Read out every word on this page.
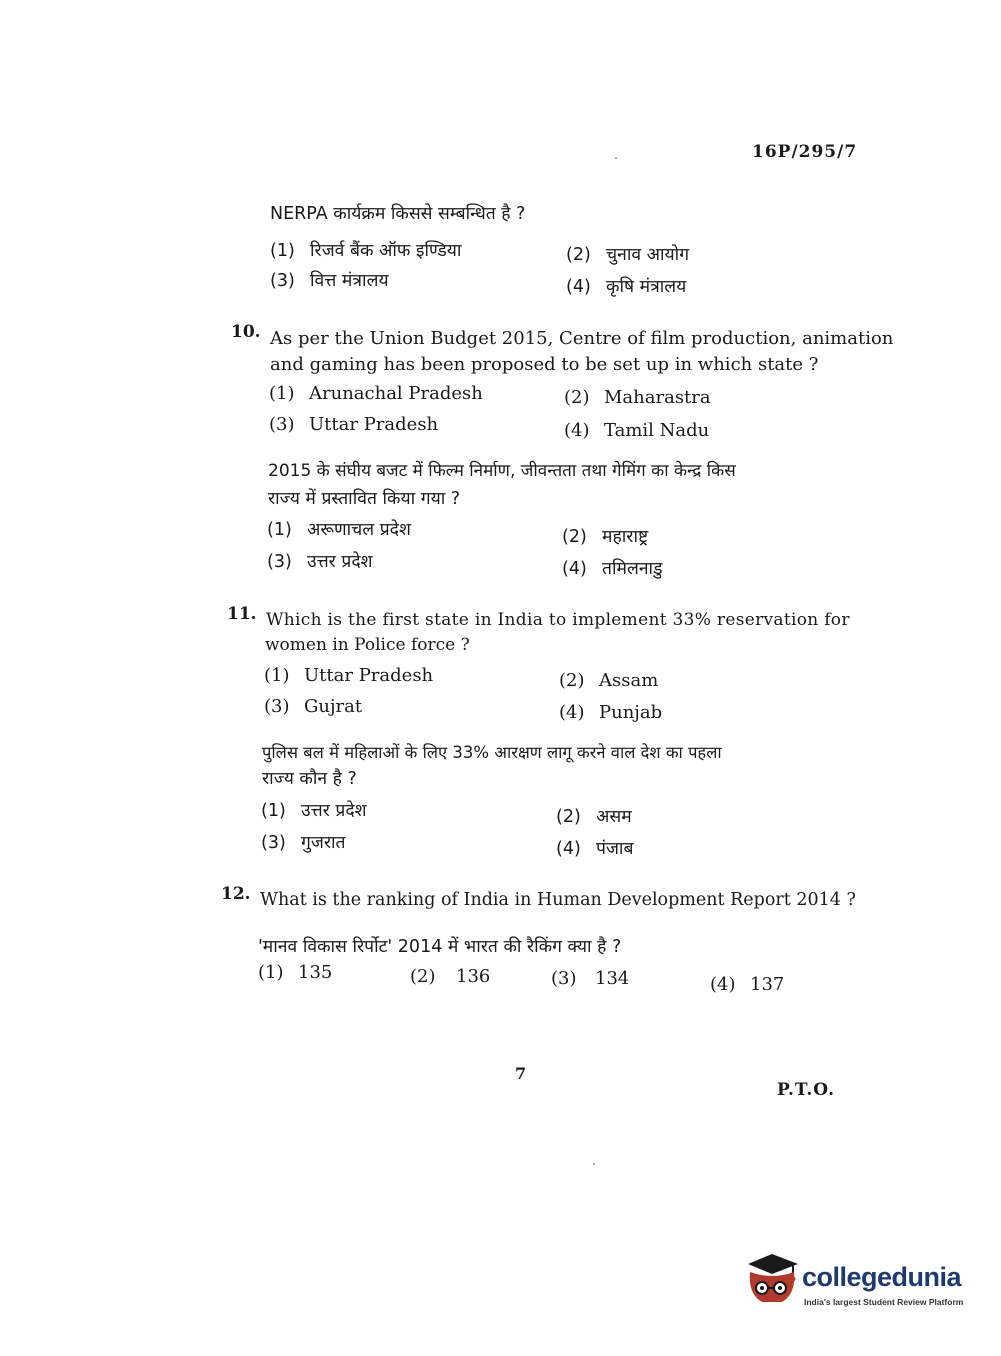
16P/295/7
NERPA कार्यक्रम किससे सम्बन्धित है ?
(1) रिजर्व बैंक ऑफ इण्डिया	(2) चुनाव आयोग
(3) वित्त मंत्रालय	(4) कृषि मंत्रालय
10. As per the Union Budget 2015, Centre of film production, animation
and gaming has been proposed to be set up in which state ?
(1) Arunachal Pradesh	(2) Maharastra
(3) Uttar Pradesh	(4) Tamil Nadu
2015 के संघीय बजट में फिल्म निर्माण, जीवन्तता तथा गेमिंग का केन्द्र किस
राज्य में प्रस्तावित किया गया ?
(1) अरूणाचल प्रदेश	(2) महाराष्ट्र
(3) उत्तर प्रदेश	(4) तमिलनाडु
11. Which is the first state in India to implement 33% reservation for
women in Police force ?
(1) Uttar Pradesh	(2) Assam
(3) Gujrat	(4) Punjab
पुलिस बल में महिलाओं के लिए 33% आरक्षण लागू करने वाल देश का पहला
राज्य कौन है ?
(1) उत्तर प्रदेश	(2) असम
(3) गुजरात	(4) पंजाब
12. What is the ranking of India in Human Development Report 2014 ?
'मानव विकास रिर्पोट' 2014 में भारत की रैकिंग क्या है ?
(1) 135	(2) 136	(3) 134	(4) 137
7
P.T.O.
collegedunia
India's largest Student Review Platform
